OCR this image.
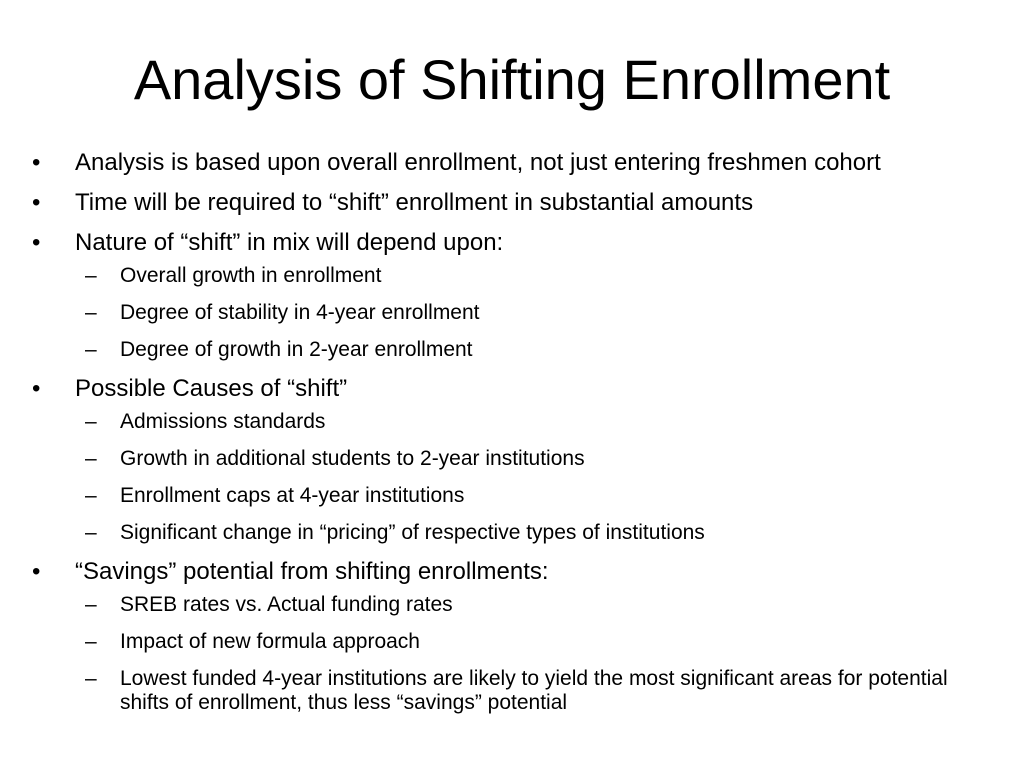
Analysis of Shifting Enrollment
• Analysis is based upon overall enrollment, not just entering freshmen cohort
• Time will be required to “shift” enrollment in substantial amounts
• Nature of “shift” in mix will depend upon:
– Overall growth in enrollment
– Degree of stability in 4-year enrollment
– Degree of growth in 2-year enrollment
• Possible Causes of “shift”
– Admissions standards
– Growth in additional students to 2-year institutions
– Enrollment caps at 4-year institutions
– Significant change in “pricing” of respective types of institutions
• “Savings” potential from shifting enrollments:
– SREB rates vs. Actual funding rates
– Impact of new formula approach
– Lowest funded 4-year institutions are likely to yield the most significant areas for potential shifts of enrollment, thus less “savings” potential
